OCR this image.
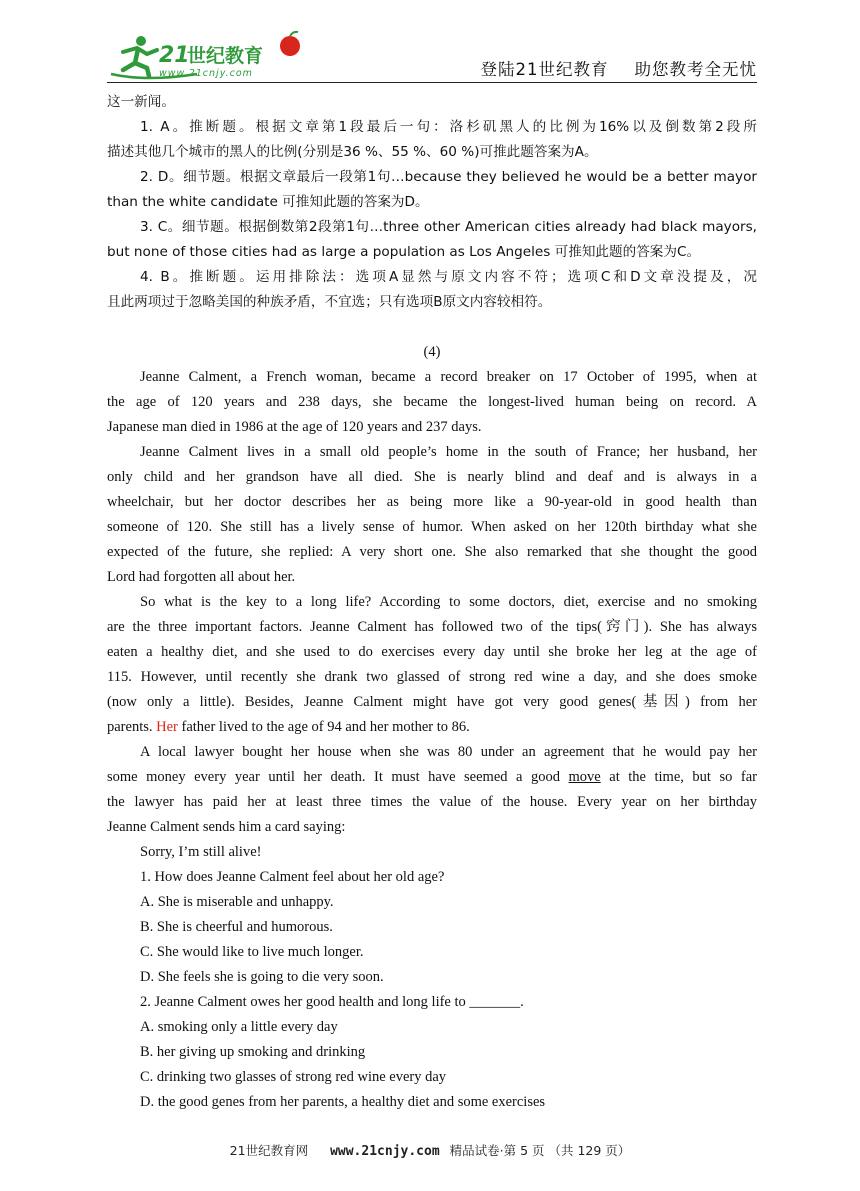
21
世纪教育
www.21cnjy.com	登陆21世纪教育 助您教考全无忧

这一新闻。

1. A。推断题。根据文章第1段最后一句：洛杉矶黑人的比例为16%以及倒数第2段所

描述其他几个城市的黑人的比例(分别是36 %、55 %、60 %)可推此题答案为A。

2. D。细节题。根据文章最后一段第1句…because they believed he would be a better mayor

than the white candidate 可推知此题的答案为D。

3. C。细节题。根据倒数第2段第1句…three other American cities already had black mayors,

but none of those cities had as large a population as Los Angeles 可推知此题的答案为C。

4. B。推断题。运用排除法：选项A显然与原文内容不符；选项C和D文章没提及，况

且此两项过于忽略美国的种族矛盾，不宜选；只有选项B原文内容较相符。

(4)

Jeanne Calment, a French woman, became a record breaker on 17 October of 1995, when at

the age of 120 years and 238 days, she became the longest-lived human being on record. A

Japanese man died in 1986 at the age of 120 years and 237 days.

Jeanne Calment lives in a small old people’s home in the south of France; her husband, her

only child and her grandson have all died. She is nearly blind and deaf and is always in a

wheelchair, but her doctor describes her as being more like a 90-year-old in good health than

someone of 120. She still has a lively sense of humor. When asked on her 120th birthday what she

expected of the future, she replied: A very short one. She also remarked that she thought the good

Lord had forgotten all about her.

So what is the key to a long life? According to some doctors, diet, exercise and no smoking

are the three important factors. Jeanne Calment has followed two of the tips(窍门). She has always

eaten a healthy diet, and she used to do exercises every day until she broke her leg at the age of

115. However, until recently she drank two glassed of strong red wine a day, and she does smoke

(now only a little). Besides, Jeanne Calment might have got very good genes(基因) from her

parents. Her father lived to the age of 94 and her mother to 86.

A local lawyer bought her house when she was 80 under an agreement that he would pay her

some money every year until her death. It must have seemed a good move at the time, but so far

the lawyer has paid her at least three times the value of the house. Every year on her birthday

Jeanne Calment sends him a card saying:

Sorry, I’m still alive!

1. How does Jeanne Calment feel about her old age?

A. She is miserable and unhappy.

B. She is cheerful and humorous.

C. She would like to live much longer.

D. She feels she is going to die very soon.

2. Jeanne Calment owes her good health and long life to _______.

A. smoking only a little every day

B. her giving up smoking and drinking

C. drinking two glasses of strong red wine every day

D. the good genes from her parents, a healthy diet and some exercises

21世纪教育网 www.21cnjy.com 精品试卷·第 5 页 （共 129 页）
